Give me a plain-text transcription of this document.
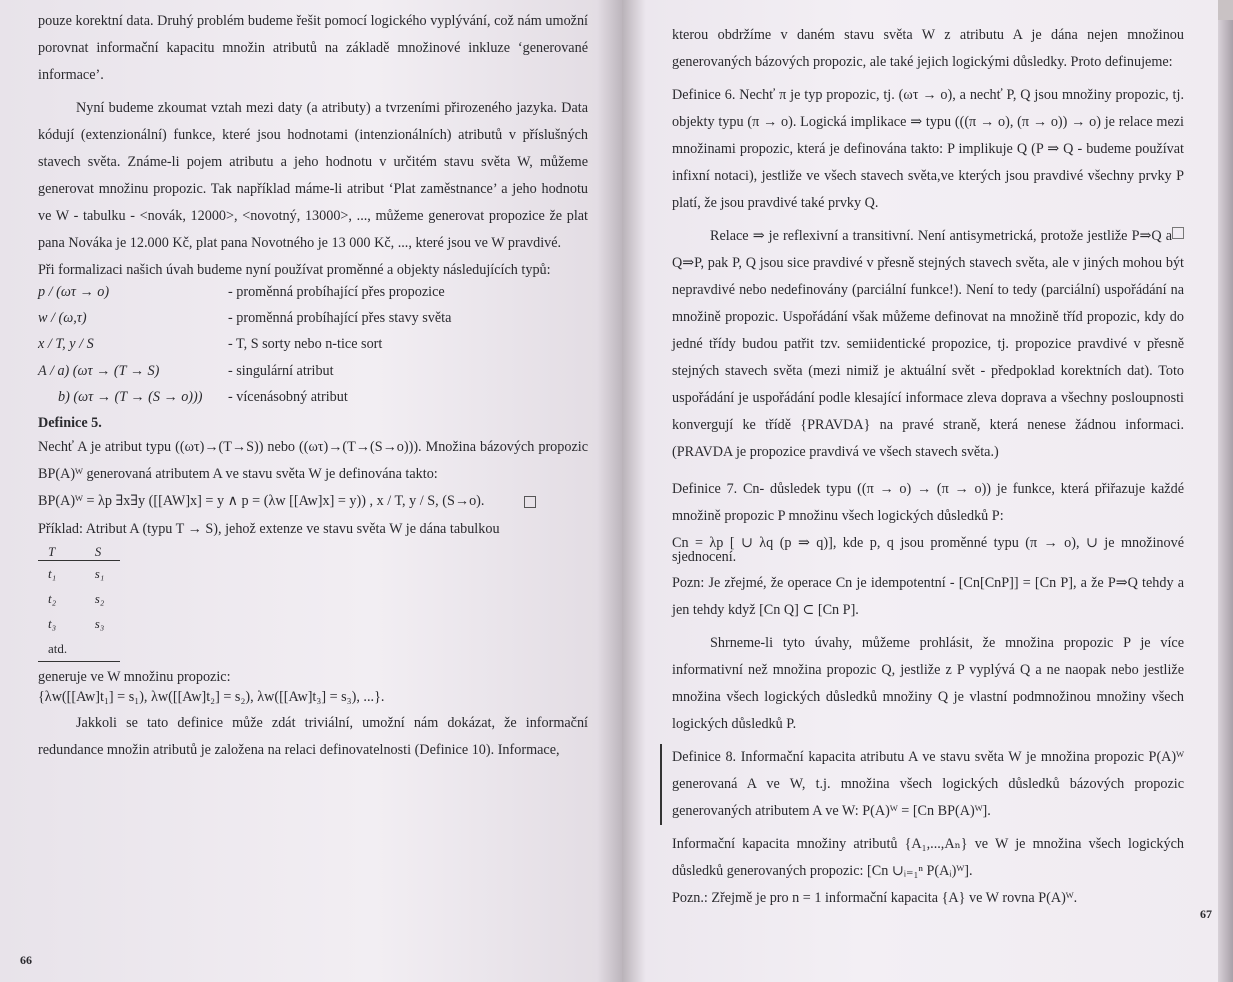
pouze korektní data. Druhý problém budeme řešit pomocí logického vyplývání, což nám umožní porovnat informační kapacitu množin atributů na základě množinové inkluze ‘generované informace’.

Nyní budeme zkoumat vztah mezi daty (a atributy) a tvrzeními přirozeného jazyka. Data kódují (extenzionální) funkce, které jsou hodnotami (intenzionálních) atributů v příslušných stavech světa. Známe-li pojem atributu a jeho hodnotu v určitém stavu světa W, můžeme generovat množinu propozic. Tak například máme-li atribut ‘Plat zaměstnance’ a jeho hodnotu ve W - tabulku - <novák, 12000>, <novotný, 13000>, ..., můžeme generovat propozice že plat pana Nováka je 12.000 Kč, plat pana Novotného je 13 000 Kč, ..., které jsou ve W pravdivé.

Při formalizaci našich úvah budeme nyní používat proměnné a objekty následujících typů:

p / (ωτ → ο)	- proměnná probíhající přes propozice
w / (ω,τ)	- proměnná probíhající přes stavy světa
x / T, y / S	- T, S sorty nebo n-tice sort
A / a) (ωτ → (T → S)	- singulární atribut
b) (ωτ → (T → (S → ο)))	- vícenásobný atribut
Definice 5.

Nechť A je atribut typu ((ωτ)→(T→S)) nebo ((ωτ)→(T→(S→ο))). Množina bázových propozic BP(A)ᵂ generovaná atributem A ve stavu světa W je definována takto:

BP(A)ᵂ = λp ∃x∃y ([[AW]x] = y ∧ p = (λw [[Aw]x] = y)) , x / T, y / S, (S→ο).

Příklad: Atribut A (typu T → S), jehož extenze ve stavu světa W je dána tabulkou

T	S
t₁	s₁
t₂	s₂
t₃	s₃
atd.	

generuje ve W množinu propozic:

{λw([[Aw]t₁] = s₁), λw([[Aw]t₂] = s₂), λw([[Aw]t₃] = s₃), ...}.

Jakkoli se tato definice může zdát triviální, umožní nám dokázat, že informační redundance množin atributů je založena na relaci definovatelnosti (Definice 10). Informace,

66

kterou obdržíme v daném stavu světa W z atributu A je dána nejen množinou generovaných bázových propozic, ale také jejich logickými důsledky. Proto definujeme:

Definice 6. Nechť π je typ propozic, tj. (ωτ → ο), a nechť P, Q jsou množiny propozic, tj. objekty typu (π → ο). Logická implikace ⇒ typu (((π → ο), (π → ο)) → ο) je relace mezi množinami propozic, která je definována takto: P implikuje Q (P ⇒ Q - budeme používat infixní notaci), jestliže ve všech stavech světa,ve kterých jsou pravdivé všechny prvky P platí, že jsou pravdivé také prvky Q.

Relace ⇒ je reflexivní a transitivní. Není antisymetrická, protože jestliže P⇒Q a Q⇒P, pak P, Q jsou sice pravdivé v přesně stejných stavech světa, ale v jiných mohou být nepravdivé nebo nedefinovány (parciální funkce!). Není to tedy (parciální) uspořádání na množině propozic. Uspořádání však můžeme definovat na množině tříd propozic, kdy do jedné třídy budou patřit tzv. semiidentické propozice, tj. propozice pravdivé v přesně stejných stavech světa (mezi nimiž je aktuální svět - předpoklad korektních dat). Toto uspořádání je uspořádání podle klesající informace zleva doprava a všechny posloupnosti konvergují ke třídě {PRAVDA} na pravé straně, která nenese žádnou informaci. (PRAVDA je propozice pravdivá ve všech stavech světa.)

Definice 7. Cn- důsledek typu ((π → ο) → (π → ο)) je funkce, která přiřazuje každé množině propozic P množinu všech logických důsledků P:

Cn = λp [ ∪ λq (p ⇒ q)], kde p, q jsou proměnné typu (π → ο), ∪ je množinové sjednocení.

Pozn: Je zřejmé, že operace Cn je idempotentní - [Cn[CnP]] = [Cn P], a že P⇒Q tehdy a jen tehdy když [Cn Q] ⊂ [Cn P].

Shrneme-li tyto úvahy, můžeme prohlásit, že množina propozic P je více informativní než množina propozic Q, jestliže z P vyplývá Q a ne naopak nebo jestliže množina všech logických důsledků množiny Q je vlastní podmnožinou množiny všech logických důsledků P.

Definice 8. Informační kapacita atributu A ve stavu světa W je množina propozic P(A)ᵂ generovaná A ve W, t.j. množina všech logických důsledků bázových propozic generovaných atributem A ve W: P(A)ᵂ = [Cn BP(A)ᵂ].

Informační kapacita množiny atributů {A₁,...,Aₙ} ve W je množina všech logických důsledků generovaných propozic: [Cn ∪ᵢ₌₁ⁿ P(Aᵢ)ᵂ].

Pozn.: Zřejmě je pro n = 1 informační kapacita {A} ve W rovna P(A)ᵂ.

67
